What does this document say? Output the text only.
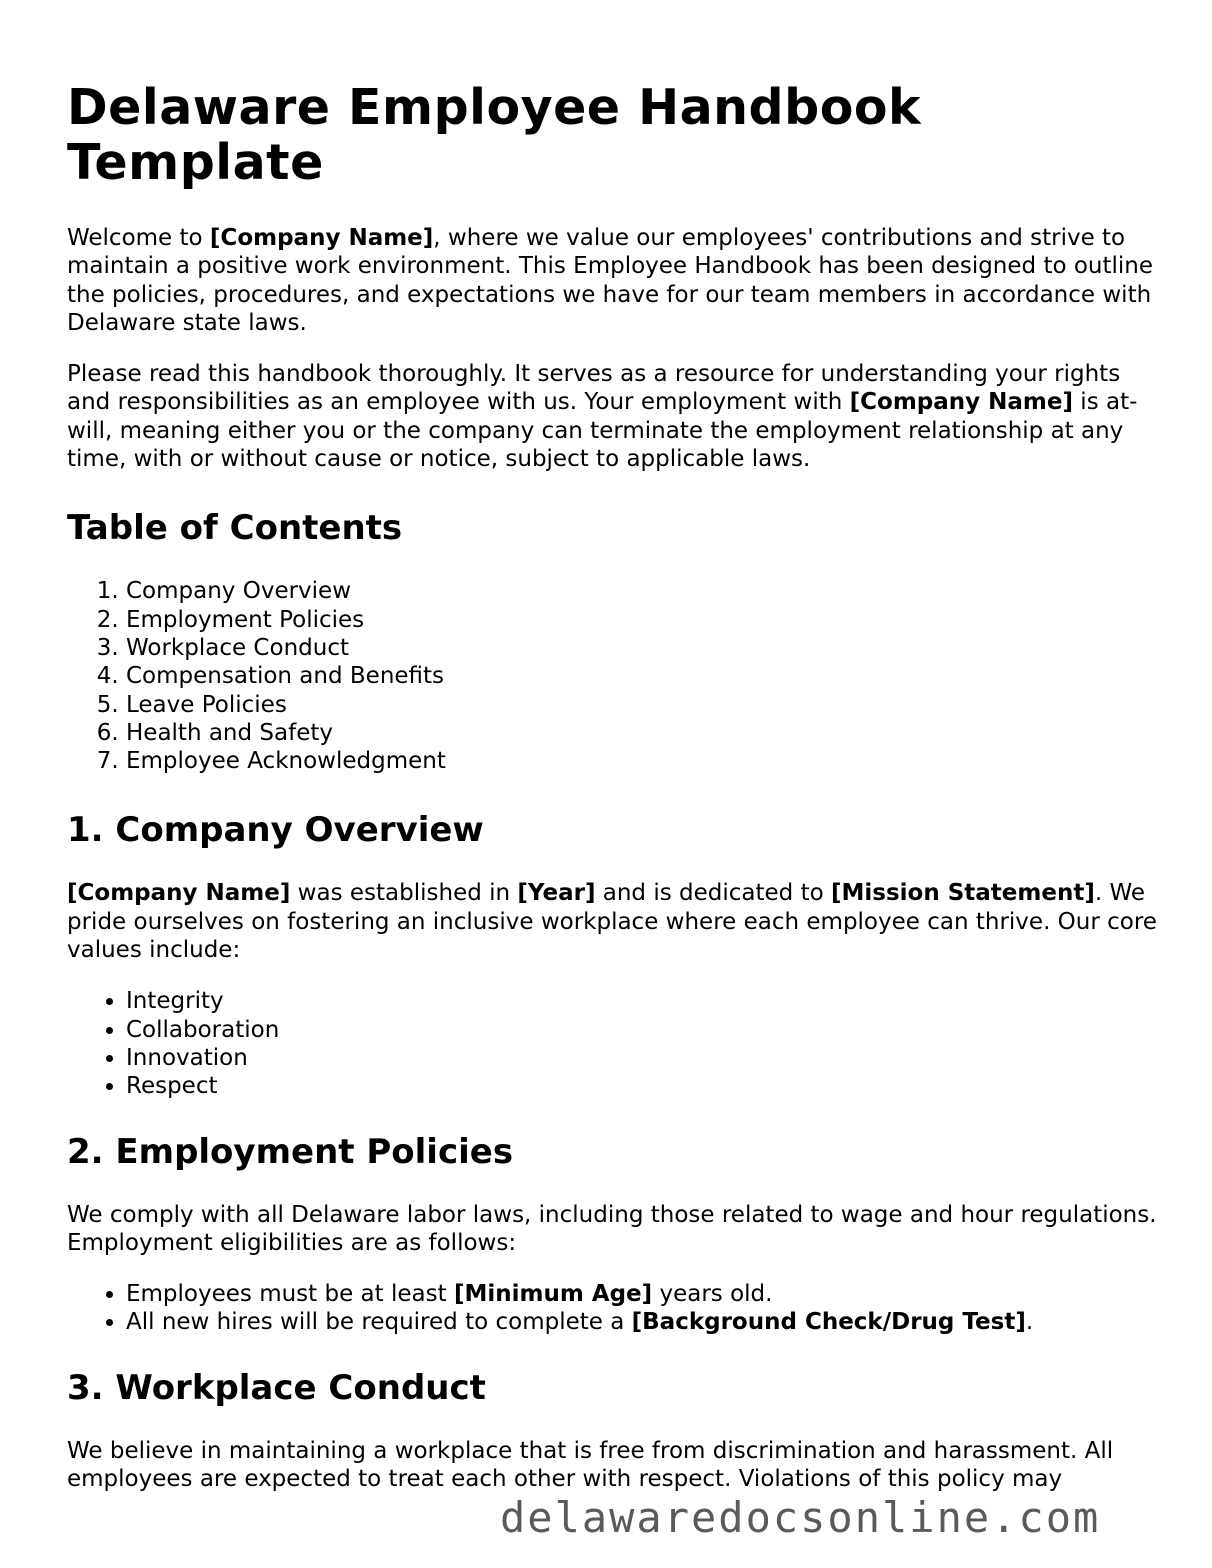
Delaware Employee Handbook Template

Welcome to [Company Name], where we value our employees' contributions and strive to maintain a positive work environment. This Employee Handbook has been designed to outline the policies, procedures, and expectations we have for our team members in accordance with Delaware state laws.

Please read this handbook thoroughly. It serves as a resource for understanding your rights and responsibilities as an employee with us. Your employment with [Company Name] is at-will, meaning either you or the company can terminate the employment relationship at any time, with or without cause or notice, subject to applicable laws.

Table of Contents
1. Company Overview
2. Employment Policies
3. Workplace Conduct
4. Compensation and Benefits
5. Leave Policies
6. Health and Safety
7. Employee Acknowledgment
1. Company Overview

[Company Name] was established in [Year] and is dedicated to [Mission Statement]. We pride ourselves on fostering an inclusive workplace where each employee can thrive. Our core values include:

• Integrity
• Collaboration
• Innovation
• Respect
2. Employment Policies

We comply with all Delaware labor laws, including those related to wage and hour regulations. Employment eligibilities are as follows:

• Employees must be at least [Minimum Age] years old.
• All new hires will be required to complete a [Background Check/Drug Test].
3. Workplace Conduct

We believe in maintaining a workplace that is free from discrimination and harassment. All employees are expected to treat each other with respect. Violations of this policy may

delawaredocsonline.com
